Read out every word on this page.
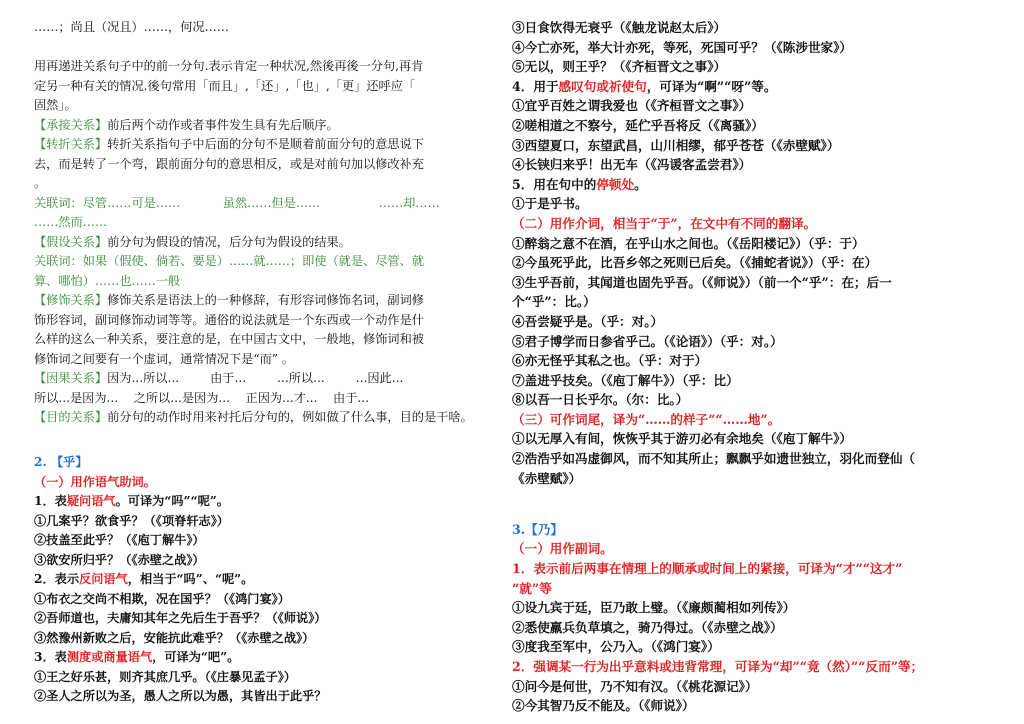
……；尚且（况且）……，何况……
用再递进关系句子中的前一分句.表示肯定一种状况,然後再後一分句,再肯
定另一种有关的情况.後句常用「而且」,「还」,「也」,「更」还呼应「
固然」。
【承接关系】前后两个动作或者事件发生具有先后顺序。
【转折关系】转折关系指句子中后面的分句不是顺着前面分句的意思说下
去，而是转了一个弯，跟前面分句的意思相反，或是对前句加以修改补充
。
关联词：尽管……可是……	虽然……但是……	……却……
……然而……
【假设关系】前分句为假设的情况，后分句为假设的结果。
关联词：如果（假使、倘若、要是）……就……；即使（就是、尽管、就
算、哪怕）……也……一般
【修饰关系】修饰关系是语法上的一种修辞，有形容词修饰名词，副词修
饰形容词，副词修饰动词等等。通俗的说法就是一个东西或一个动作是什
么样的这么一种关系，要注意的是，在中国古文中，一般地，修饰词和被
修饰词之间要有一个虚词，通常情况下是“而” 。
【因果关系】因为...所以...        由于...        ...所以...        ...因此...
所以...是因为...    之所以...是因为...    正因为...才...    由于...
【目的关系】前分句的动作时用来衬托后分句的，例如做了什么事，目的是干啥。
2. 【乎】
（一）用作语气助词。
1．表疑问语气。可译为“吗”“呢”。
①几案乎？欲食乎？（《项脊轩志》）
②技盖至此乎？（《庖丁解牛》）
③欲安所归乎？（《赤壁之战》）
2．表示反问语气，相当于“吗”、“呢”。
①布衣之交尚不相欺，况在国乎？（《鸿门宴》）
②吾师道也，夫庸知其年之先后生于吾乎？（《师说》）
③然豫州新败之后，安能抗此难乎？（《赤壁之战》）
3．表测度或商量语气，可译为“吧”。
①王之好乐甚，则齐其庶几乎。（《庄暴见孟子》）
②圣人之所以为圣，愚人之所以为愚，其皆出于此乎？
③日食饮得无衰乎（《触龙说赵太后》）
④今亡亦死，举大计亦死，等死，死国可乎？（《陈涉世家》）
⑤无以，则王乎？（《齐桓晋文之事》）
4．用于感叹句或祈使句，可译为“啊”“呀”等。
①宜乎百姓之谓我爱也（《齐桓晋文之事》）
②嗟相道之不察兮，延伫乎吾将反（《离骚》）
③西望夏口，东望武昌，山川相缪，郁乎苍苍（《赤壁赋》）
④长铗归来乎！出无车（《冯谖客孟尝君》）
5．用在句中的停顿处。
①于是乎书。
（二）用作介词，相当于“于”，在文中有不同的翻译。
①醉翁之意不在酒，在乎山水之间也。（《岳阳楼记》）（乎：于）
②今虽死乎此，比吾乡邻之死则已后矣。（《捕蛇者说》）（乎：在）
③生乎吾前，其闻道也固先乎吾。（《师说》）（前一个“乎”：在；后一
个“乎”：比。）
④吾尝疑乎是。（乎：对。）
⑤君子博学而日参省乎己。（《论语》）（乎：对。）
⑥亦无怪乎其私之也。（乎：对于）
⑦盖进乎技矣。（《庖丁解牛》）（乎：比）
⑧以吾一日长乎尔。（尔：比。）
（三）可作词尾，译为“……的样子”“……地”。
①以无厚入有间，恢恢乎其于游刃必有余地矣（《庖丁解牛》）
②浩浩乎如冯虚御风，而不知其所止；飘飘乎如遗世独立，羽化而登仙（
《赤壁赋》）
3.【乃】
（一）用作副词。
1．表示前后两事在情理上的顺承或时间上的紧接，可译为“才”“这才”
“就”等
①设九宾于廷，臣乃敢上璧。（《廉颇蔺相如列传》）
②悉使羸兵负草填之，骑乃得过。（《赤壁之战》）
③度我至军中，公乃入。（《鸿门宴》）
2．强调某一行为出乎意料或违背常理，可译为“却”“竟（然）”“反而”等；
①问今是何世，乃不知有汉。（《桃花源记》）
②今其智乃反不能及。（《师说》）
